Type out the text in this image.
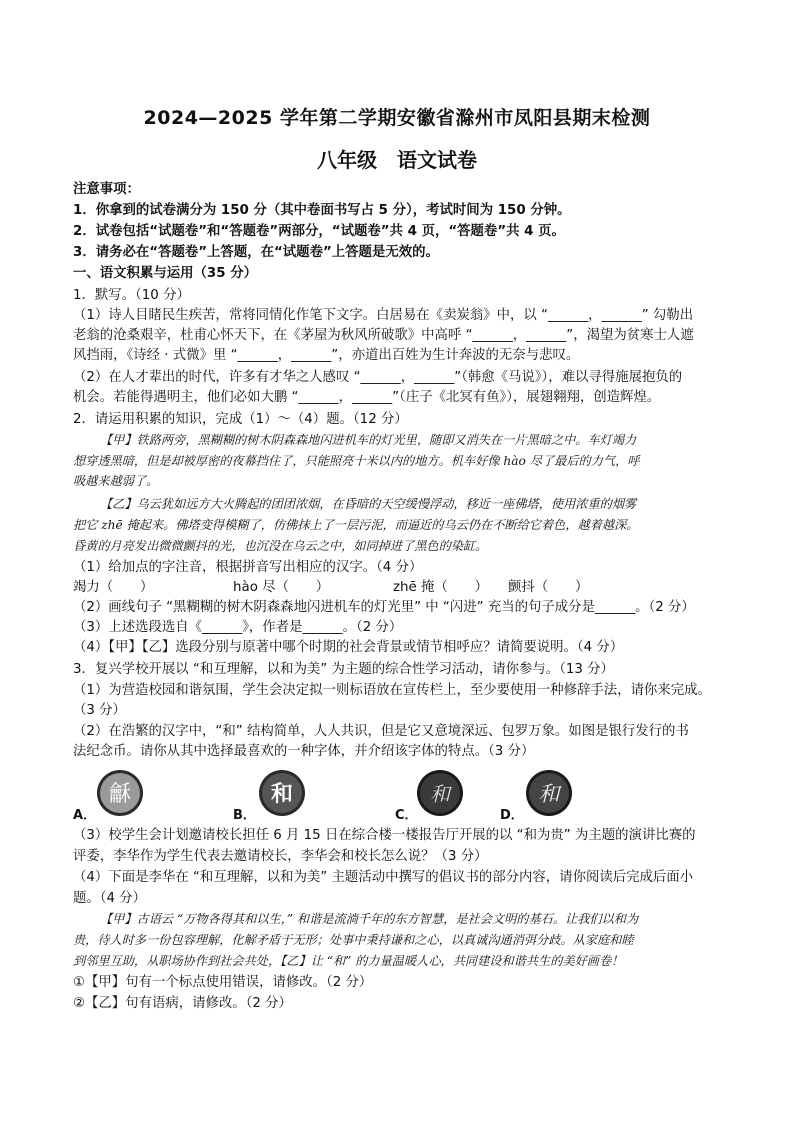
2024—2025 学年第二学期安徽省滁州市凤阳县期末检测
八年级　语文试卷
注意事项：
1．你拿到的试卷满分为 150 分（其中卷面书写占 5 分），考试时间为 150 分钟。
2．试卷包括“试题卷”和“答题卷”两部分，“试题卷”共 4 页，“答题卷”共 4 页。
3．请务必在“答题卷”上答题，在“试题卷”上答题是无效的。
一、语文积累与运用（35 分）
1．默写。（10 分）
（1）诗人目睹民生疾苦，常将同情化作笔下文字。白居易在《卖炭翁》中，以 “______，______” 勾勒出
老翁的沧桑艰辛，杜甫心怀天下，在《茅屋为秋风所破歌》中高呼 “______，______”，渴望为贫寒士人遮
风挡雨，《诗经 · 式微》里 “______，______”，亦道出百姓为生计奔波的无奈与悲叹。
（2）在人才辈出的时代，许多有才华之人感叹 “______，______”（韩愈《马说》），难以寻得施展抱负的
机会。若能得遇明主，他们必如大鹏 “______，______”（庄子《北冥有鱼》），展翅翱翔，创造辉煌。
2．请运用积累的知识，完成（1）～（4）题。（12 分）
【甲】铁路两旁，黑糊糊的树木阴森森地闪进机车的灯光里，随即又消失在一片黑暗之中。车灯竭力
想穿透黑暗，但是却被厚密的夜幕挡住了，只能照亮十米以内的地方。机车好像 hào 尽了最后的力气，呼
吸越来越弱了。
【乙】乌云犹如远方大火腾起的团团浓烟，在昏暗的天空缓慢浮动，移近一座佛塔，使用浓重的烟雾
把它 zhē 掩起来。佛塔变得模糊了，仿佛抹上了一层污泥，而逼近的乌云仍在不断给它着色，越着越深。
昏黄的月亮发出微微颤抖的光，也沉没在乌云之中，如同掉进了黑色的染缸。
（1）给加点的字注音，根据拼音写出相应的汉字。（4 分）
竭力（　　）	hào 尽（　　）	zhē 掩（　　）	颤抖（　　）
（2）画线句子 “黑糊糊的树木阴森森地闪进机车的灯光里” 中 “闪进” 充当的句子成分是______。（2 分）
（3）上述选段选自《______》，作者是______。（2 分）
（4）【甲】【乙】选段分别与原著中哪个时期的社会背景或情节相呼应？请简要说明。（4 分）
3．复兴学校开展以 “和互理解，以和为美” 为主题的综合性学习活动，请你参与。（13 分）
（1）为营造校园和谐氛围，学生会决定拟一则标语放在宣传栏上，至少要使用一种修辞手法，请你来完成。
（3 分）
（2）在浩繁的汉字中，“和” 结构简单，人人共识，但是它又意境深远、包罗万象。如图是银行发行的书
法纪念币。请你从其中选择最喜欢的一种字体，并介绍该字体的特点。（3 分）
A．
龢
B．
和
C．
和
D．
和
（3）校学生会计划邀请校长担任 6 月 15 日在综合楼一楼报告厅开展的以 “和为贵” 为主题的演讲比赛的
评委，李华作为学生代表去邀请校长，李华会和校长怎么说？（3 分）
（4）下面是李华在 “和互理解，以和为美” 主题活动中撰写的倡议书的部分内容，请你阅读后完成后面小
题。（4 分）
【甲】古语云 “万物各得其和以生，” 和谐是流淌千年的东方智慧，是社会文明的基石。让我们以和为
贵，待人时多一份包容理解，化解矛盾于无形；处事中秉持谦和之心，以真诚沟通消弭分歧。从家庭和睦
到邻里互助，从职场协作到社会共处，【乙】让 “和” 的力量温暖人心，共同建设和谐共生的美好画卷！
①【甲】句有一个标点使用错误，请修改。（2 分）
②【乙】句有语病，请修改。（2 分）
